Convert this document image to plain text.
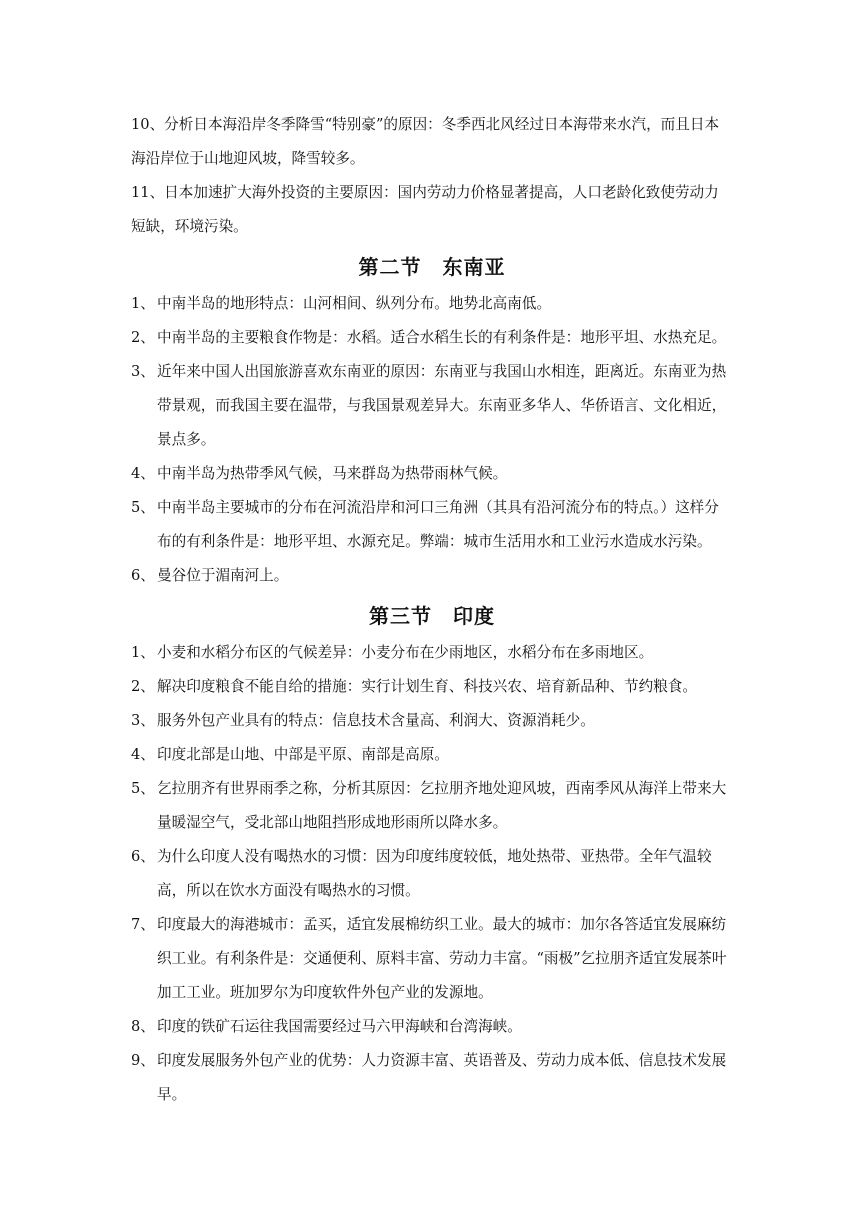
10、分析日本海沿岸冬季降雪“特别豪”的原因：冬季西北风经过日本海带来水汽，而且日本海沿岸位于山地迎风坡，降雪较多。

11、日本加速扩大海外投资的主要原因：国内劳动力价格显著提高，人口老龄化致使劳动力短缺，环境污染。

第二节　东南亚
1、 中南半岛的地形特点：山河相间、纵列分布。地势北高南低。
2、 中南半岛的主要粮食作物是：水稻。适合水稻生长的有利条件是：地形平坦、水热充足。
3、 近年来中国人出国旅游喜欢东南亚的原因：东南亚与我国山水相连，距离近。东南亚为热带景观，而我国主要在温带，与我国景观差异大。东南亚多华人、华侨语言、文化相近，景点多。
4、 中南半岛为热带季风气候，马来群岛为热带雨林气候。
5、 中南半岛主要城市的分布在河流沿岸和河口三角洲（其具有沿河流分布的特点。）这样分布的有利条件是：地形平坦、水源充足。弊端：城市生活用水和工业污水造成水污染。
6、 曼谷位于湄南河上。
第三节　印度
1、 小麦和水稻分布区的气候差异：小麦分布在少雨地区，水稻分布在多雨地区。
2、 解决印度粮食不能自给的措施：实行计划生育、科技兴农、培育新品种、节约粮食。
3、 服务外包产业具有的特点：信息技术含量高、利润大、资源消耗少。
4、 印度北部是山地、中部是平原、南部是高原。
5、 乞拉朋齐有世界雨季之称，分析其原因：乞拉朋齐地处迎风坡，西南季风从海洋上带来大量暖湿空气，受北部山地阻挡形成地形雨所以降水多。
6、 为什么印度人没有喝热水的习惯：因为印度纬度较低，地处热带、亚热带。全年气温较高，所以在饮水方面没有喝热水的习惯。
7、 印度最大的海港城市：孟买，适宜发展棉纺织工业。最大的城市：加尔各答适宜发展麻纺织工业。有利条件是：交通便利、原料丰富、劳动力丰富。“雨极”乞拉朋齐适宜发展茶叶加工工业。班加罗尔为印度软件外包产业的发源地。
8、 印度的铁矿石运往我国需要经过马六甲海峡和台湾海峡。
9、 印度发展服务外包产业的优势：人力资源丰富、英语普及、劳动力成本低、信息技术发展早。
